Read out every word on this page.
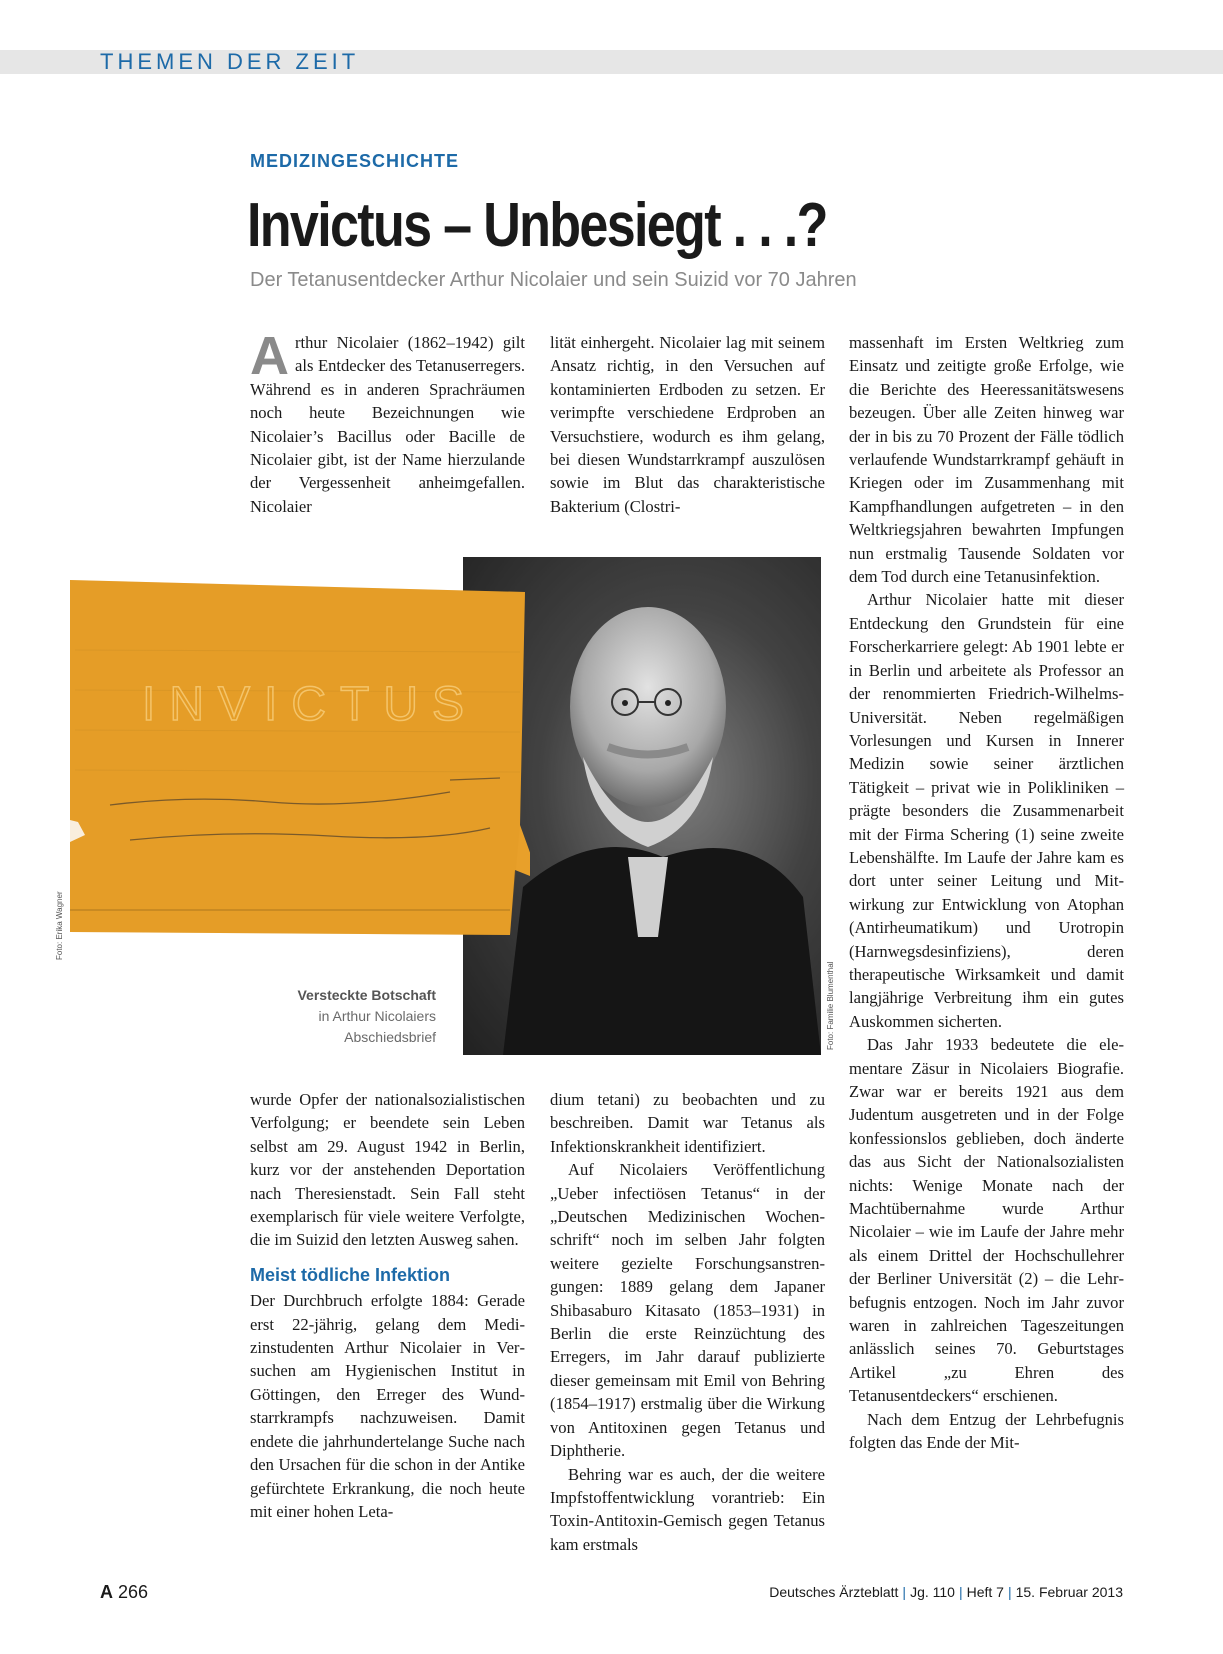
THEMEN DER ZEIT
MEDIZINGESCHICHTE
Invictus – Unbesiegt . . .?
Der Tetanusentdecker Arthur Nicolaier und sein Suizid vor 70 Jahren
A rthur Nicolaier (1862–1942) gilt als Entdecker des Tetanuserregers. Während es in anderen Sprachräumen noch heute Bezeichnungen wie Nicolaier’s Bacillus oder Bacille de Nicolaier gibt, ist der Name hierzulande der Vergessenheit anheimgefallen. Nicolaier

lität einhergeht. Nicolaier lag mit seinem Ansatz richtig, in den Versuchen auf kontaminierten Erdboden zu setzen. Er verimpfte verschiedene Erdproben an Versuchstiere, wodurch es ihm gelang, bei diesen Wundstarrkrampf auszulösen sowie im Blut das charakteristische Bakterium (Clostri-

massenhaft im Ersten Weltkrieg zum Einsatz und zeitigte große Erfolge, wie die Berichte des Heeressanitätswesens bezeugen. Über alle Zeiten hinweg war der in bis zu 70 Prozent der Fälle tödlich verlaufende Wundstarrkrampf gehäuft in Kriegen oder im Zusammenhang mit Kampfhandlungen aufgetreten – in den Weltkriegsjahren bewahrten Impfungen nun erstmalig Tausende Soldaten vor dem Tod durch eine Tetanusinfektion.

Arthur Nicolaier hatte mit dieser Entdeckung den Grundstein für eine Forscherkarriere gelegt: Ab 1901 lebte er in Berlin und arbeitete als Professor an der renommierten Friedrich-Wilhelms-Universität. Neben regelmäßigen Vorlesungen und Kursen in Innerer Medizin sowie seiner ärztlichen Tätigkeit – privat wie in Polikliniken – prägte besonders die Zusammenarbeit mit der Firma Schering (1) seine zweite Lebenshälfte. Im Laufe der Jahre kam es dort unter seiner Leitung und Mitwirkung zur Entwicklung von Atophan (Antirheumatikum) und Urotropin (Harnwegsdesinfiziens), deren therapeutische Wirksamkeit und damit langjährige Verbreitung ihm ein gutes Auskommen sicherten.

Das Jahr 1933 bedeutete die elementare Zäsur in Nicolaiers Biografie. Zwar war er bereits 1921 aus dem Judentum ausgetreten und in der Folge konfessionslos geblieben, doch änderte das aus Sicht der Nationalsozialisten nichts: Wenige Monate nach der Machtübernahme wurde Arthur Nicolaier – wie im Laufe der Jahre mehr als einem Drittel der Hochschullehrer der Berliner Universität (2) – die Lehrbefugnis entzogen. Noch im Jahr zuvor waren in zahlreichen Tageszeitungen anlässlich seines 70. Geburtstages Artikel „zu Ehren des Tetanusentdeckers“ erschienen.

Nach dem Entzug der Lehrbefugnis folgten das Ende der Mit-

INVICTUS
Versteckte Botschaft
in Arthur Nicolaiers
Abschiedsbrief
Foto: Erika Wagner
Foto: Familie Blumenthal

wurde Opfer der nationalsozialistischen Verfolgung; er beendete sein Leben selbst am 29. August 1942 in Berlin, kurz vor der anstehenden Deportation nach Theresienstadt. Sein Fall steht exemplarisch für viele weitere Verfolgte, die im Suizid den letzten Ausweg sahen.

Meist tödliche Infektion

Der Durchbruch erfolgte 1884: Gerade erst 22-jährig, gelang dem Medizinstudenten Arthur Nicolaier in Versuchen am Hygienischen Institut in Göttingen, den Erreger des Wundstarrkrampfs nachzuweisen. Damit endete die jahrhundertelange Suche nach den Ursachen für die schon in der Antike gefürchtete Erkrankung, die noch heute mit einer hohen Leta-

dium tetani) zu beobachten und zu beschreiben. Damit war Tetanus als Infektionskrankheit identifiziert.

Auf Nicolaiers Veröffentlichung „Ueber infectiösen Tetanus“ in der „Deutschen Medizinischen Wochenschrift“ noch im selben Jahr folgten weitere gezielte Forschungsanstrengungen: 1889 gelang dem Japaner Shibasaburo Kitasato (1853–1931) in Berlin die erste Reinzüchtung des Erregers, im Jahr darauf publizierte dieser gemeinsam mit Emil von Behring (1854–1917) erstmalig über die Wirkung von Antitoxinen gegen Tetanus und Diphtherie.

Behring war es auch, der die weitere Impfstoffentwicklung vorantrieb: Ein Toxin-Antitoxin-Gemisch gegen Tetanus kam erstmals

A 266	Deutsches Ärzteblatt | Jg. 110 | Heft 7 | 15. Februar 2013
